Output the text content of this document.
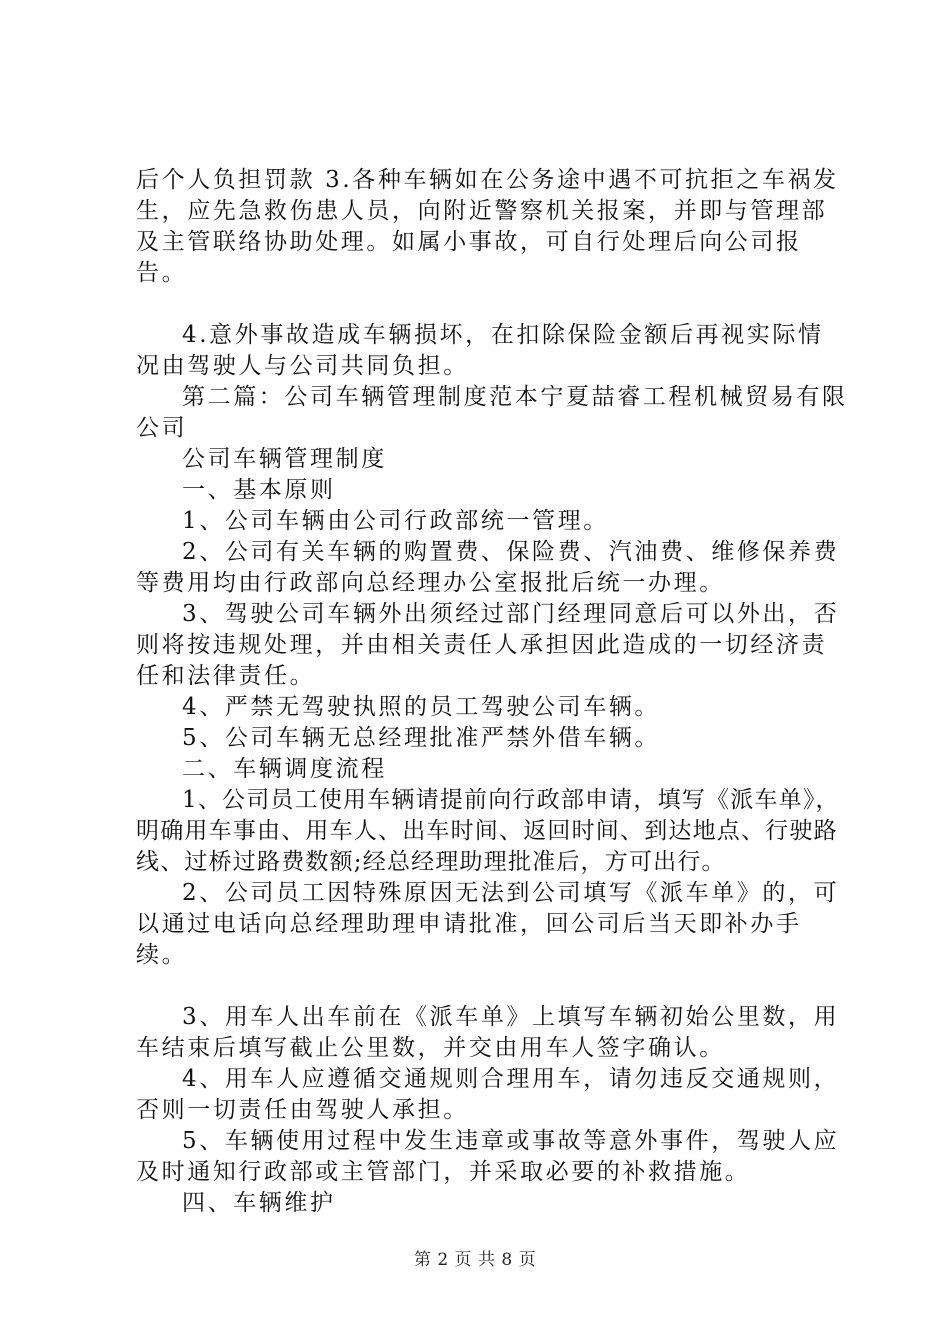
后个人负担罚款 3.各种车辆如在公务途中遇不可抗拒之车祸发生，应先急救伤患人员，向附近警察机关报案，并即与管理部及主管联络协助处理。如属小事故，可自行处理后向公司报告。

4.意外事故造成车辆损坏，在扣除保险金额后再视实际情况由驾驶人与公司共同负担。

第二篇：公司车辆管理制度范本宁夏喆睿工程机械贸易有限公司

公司车辆管理制度

一、基本原则

1、公司车辆由公司行政部统一管理。

2、公司有关车辆的购置费、保险费、汽油费、维修保养费等费用均由行政部向总经理办公室报批后统一办理。

3、驾驶公司车辆外出须经过部门经理同意后可以外出，否则将按违规处理，并由相关责任人承担因此造成的一切经济责任和法律责任。

4、严禁无驾驶执照的员工驾驶公司车辆。

5、公司车辆无总经理批准严禁外借车辆。

二、车辆调度流程

1、公司员工使用车辆请提前向行政部申请，填写《派车单》，明确用车事由、用车人、出车时间、返回时间、到达地点、行驶路线、过桥过路费数额;经总经理助理批准后，方可出行。

2、公司员工因特殊原因无法到公司填写《派车单》的，可以通过电话向总经理助理申请批准，回公司后当天即补办手续。

3、用车人出车前在《派车单》上填写车辆初始公里数，用车结束后填写截止公里数，并交由用车人签字确认。

4、用车人应遵循交通规则合理用车，请勿违反交通规则，否则一切责任由驾驶人承担。

5、车辆使用过程中发生违章或事故等意外事件，驾驶人应及时通知行政部或主管部门，并采取必要的补救措施。

四、车辆维护

第 2 页 共 8 页
